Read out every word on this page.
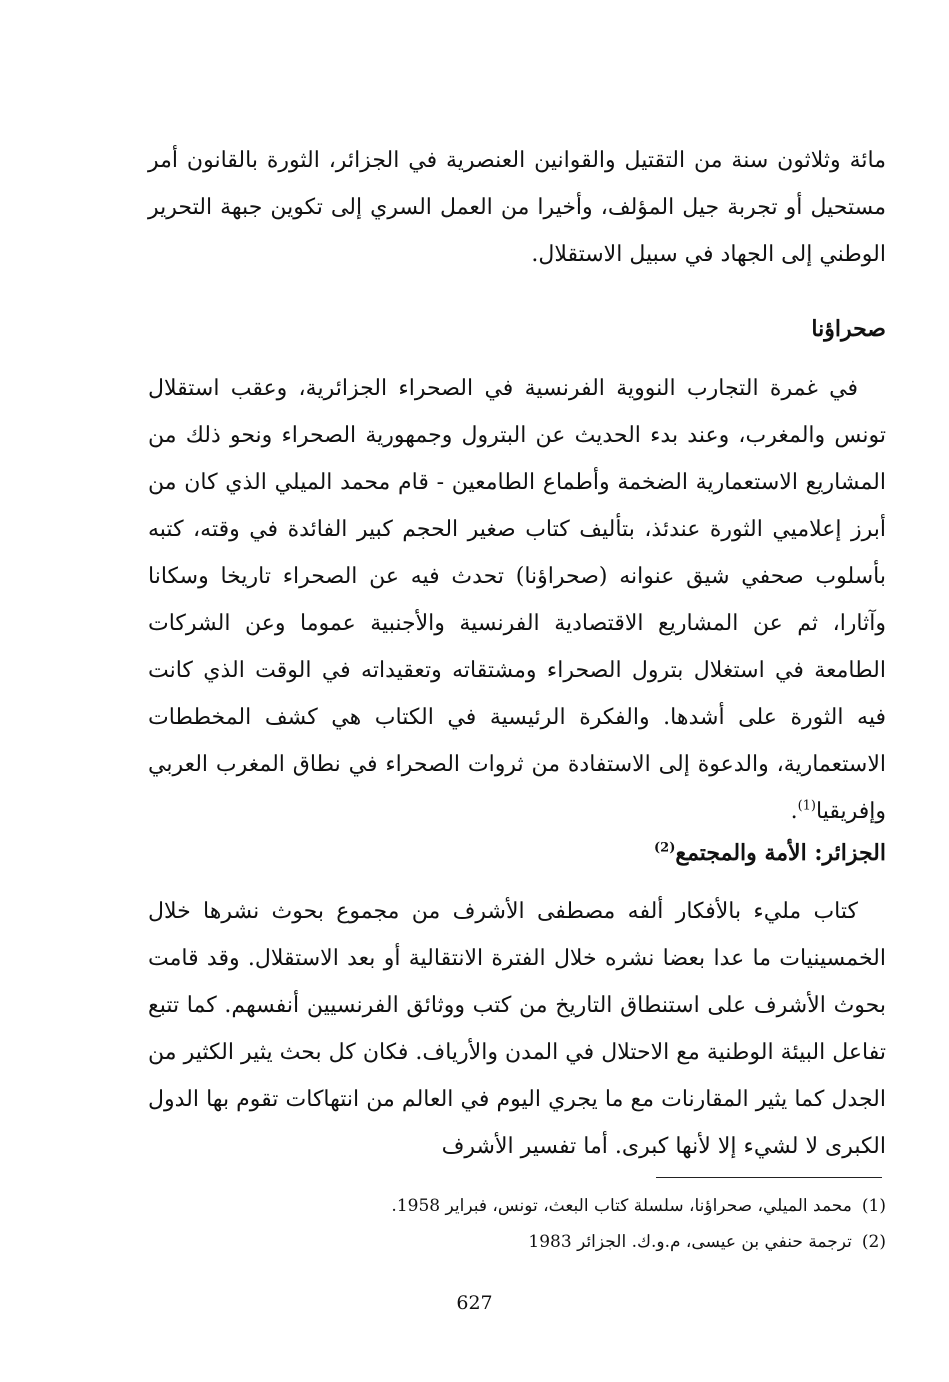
مائة وثلاثون سنة من التقتيل والقوانين العنصرية في الجزائر، الثورة بالقانون أمر مستحيل أو تجربة جيل المؤلف، وأخيرا من العمل السري إلى تكوين جبهة التحرير الوطني إلى الجهاد في سبيل الاستقلال.
صحراؤنا
في غمرة التجارب النووية الفرنسية في الصحراء الجزائرية، وعقب استقلال تونس والمغرب، وعند بدء الحديث عن البترول وجمهورية الصحراء ونحو ذلك من المشاريع الاستعمارية الضخمة وأطماع الطامعين - قام محمد الميلي الذي كان من أبرز إعلاميي الثورة عندئذ، بتأليف كتاب صغير الحجم كبير الفائدة في وقته، كتبه بأسلوب صحفي شيق عنوانه (صحراؤنا) تحدث فيه عن الصحراء تاريخا وسكانا وآثارا، ثم عن المشاريع الاقتصادية الفرنسية والأجنبية عموما وعن الشركات الطامعة في استغلال بترول الصحراء ومشتقاته وتعقيداته في الوقت الذي كانت فيه الثورة على أشدها. والفكرة الرئيسية في الكتاب هي كشف المخططات الاستعمارية، والدعوة إلى الاستفادة من ثروات الصحراء في نطاق المغرب العربي وإفريقيا$^{(1)}$.
الجزائر: الأمة والمجتمع$^{(2)}$
كتاب مليء بالأفكار ألفه مصطفى الأشرف من مجموع بحوث نشرها خلال الخمسينيات ما عدا بعضا نشره خلال الفترة الانتقالية أو بعد الاستقلال. وقد قامت بحوث الأشرف على استنطاق التاريخ من كتب ووثائق الفرنسيين أنفسهم. كما تتبع تفاعل البيئة الوطنية مع الاحتلال في المدن والأرياف. فكان كل بحث يثير الكثير من الجدل كما يثير المقارنات مع ما يجري اليوم في العالم من انتهاكات تقوم بها الدول الكبرى لا لشيء إلا لأنها كبرى. أما تفسير الأشرف
(1)محمد الميلي، صحراؤنا، سلسلة كتاب البعث، تونس، فبراير 1958.
(2)ترجمة حنفي بن عيسى، م.و.ك. الجزائر 1983
627
